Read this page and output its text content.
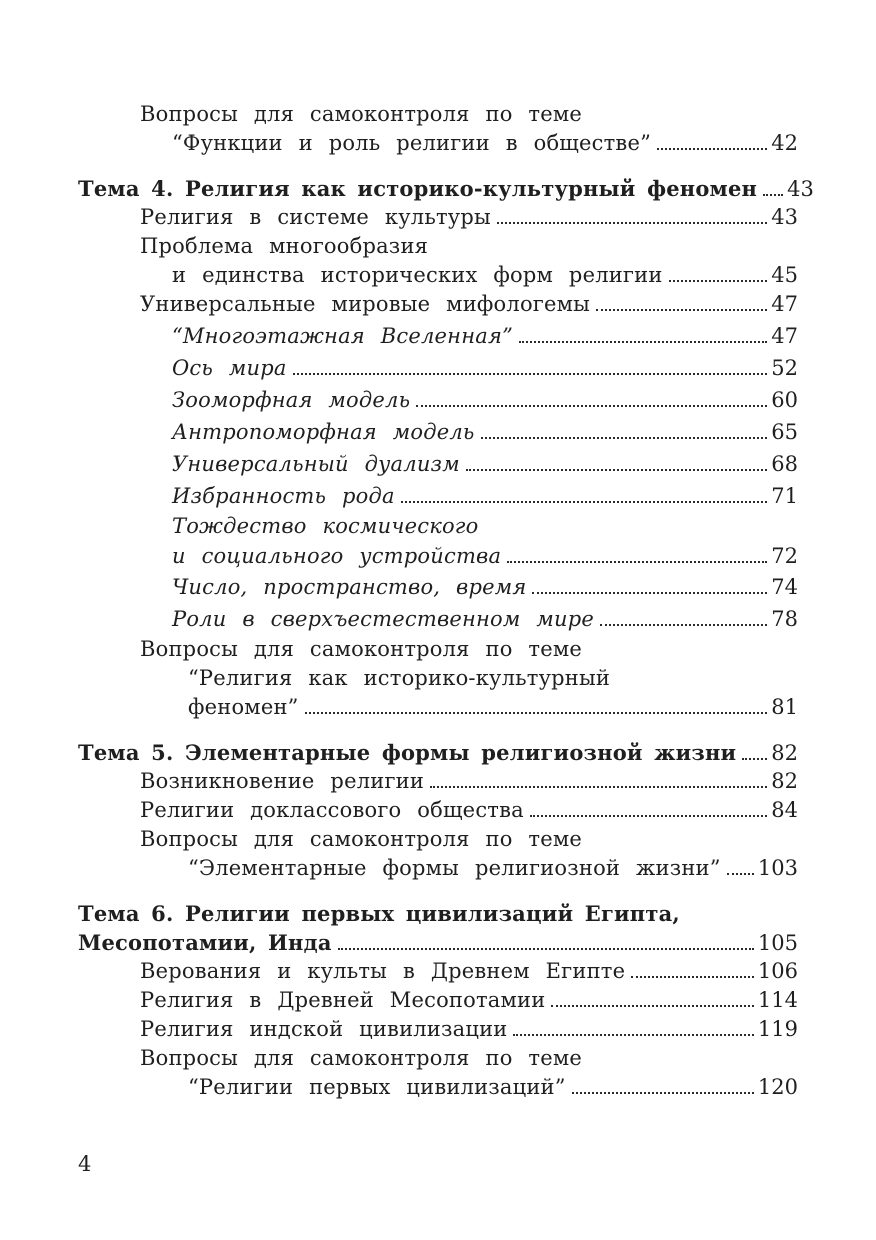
Вопросы для самоконтроля по теме
“Функции и роль религии в обществе”	42
Тема 4. Религия как историко-культурный феномен 43
Религия в системе культуры	43
Проблема многообразия
и единства исторических форм религии	45
Универсальные мировые мифологемы	47
“Многоэтажная Вселенная”	47
Ось мира	52
Зооморфная модель	60
Антропоморфная модель	65
Универсальный дуализм	68
Избранность рода	71
Тождество космического
и социального устройства	72
Число, пространство, время	74
Роли в сверхъестественном мире	78
Вопросы для самоконтроля по теме
“Религия как историко-культурный
феномен”	81
Тема 5. Элементарные формы религиозной жизни 82
Возникновение религии	82
Религии доклассового общества	84
Вопросы для самоконтроля по теме
“Элементарные формы религиозной жизни” 103
Тема 6. Религии первых цивилизаций Египта,
Месопотамии, Инда	105
Верования и культы в Древнем Египте	106
Религия в Древней Месопотамии	114
Религия индской цивилизации	119
Вопросы для самоконтроля по теме
“Религии первых цивилизаций”	120
4
